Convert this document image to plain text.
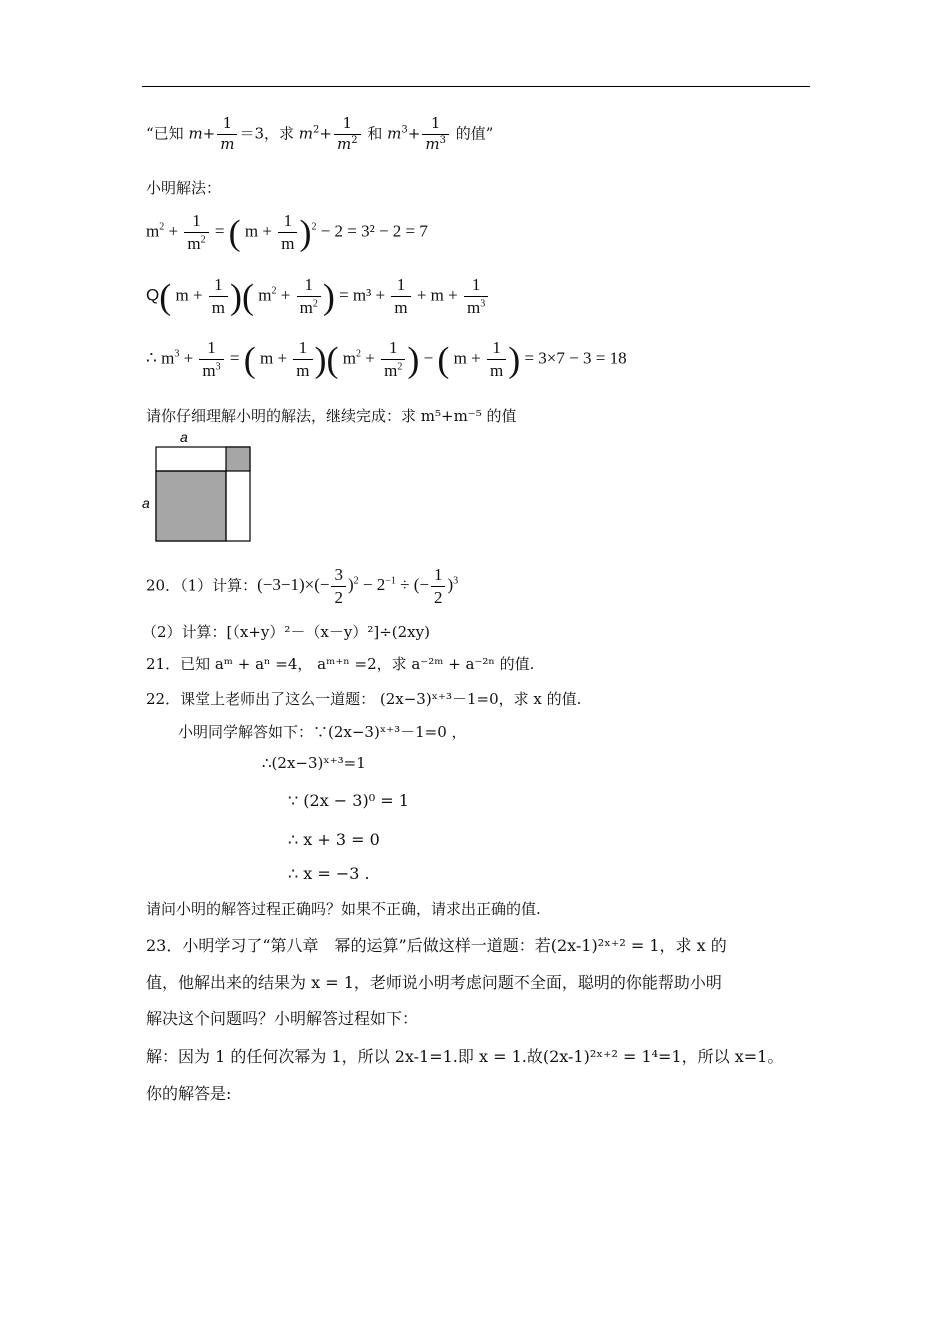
“已知 $m+ \frac{1}{m} =3$，求 $m^2+ \frac{1}{m^2}$ 和 $m^3+ \frac{1}{m^3}$ 的值”
小明解法：
$m^2 + \frac{1}{m^2}$ = ( $m + \frac{1}{m} )^2 - 2 = 3^2 - 2 = 7$
Q( $m + \frac{1}{m}$ )( $m^2 + \frac{1}{m^2}$ ) = $m^3 + \frac{1}{m} + m + \frac{1}{m^3}$
∴ $m^3 + \frac{1}{m^3}$ = ( $m + \frac{1}{m}$ )( $m^2 + \frac{1}{m^2}$ ) − ( $m + \frac{1}{m}$ ) = 3×7 − 3 = 18
请你仔细理解小明的解法，继续完成：求 m⁵+m⁻⁵ 的值
a
a
20．（1）计算：$(-3-1)\times(- \frac{3}{2} )^2 - 2^{-1}$ ÷ (− $\frac{1}{2} )^3$
（2）计算：[（x+y）²－（x－y）²]÷(2xy)
21．已知 aᵐ + aⁿ =4， aᵐ⁺ⁿ =2，求 a⁻²ᵐ + a⁻²ⁿ 的值.
22．课堂上老师出了这么一道题： (2x−3)ˣ⁺³－1=0，求 x 的值.
小明同学解答如下：∵(2x−3)ˣ⁺³－1=0 ，
∴(2x−3)ˣ⁺³=1
∵ (2x − 3)⁰ = 1
∴ x + 3 = 0
∴ x = −3 .
请问小明的解答过程正确吗？如果不正确，请求出正确的值.
23．小明学习了“第八章　幂的运算”后做这样一道题：若(2x-1)²ˣ⁺² = 1，求 x 的
值，他解出来的结果为 x = 1，老师说小明考虑问题不全面，聪明的你能帮助小明
解决这个问题吗？小明解答过程如下：
解：因为 1 的任何次幂为 1，所以 2x-1=1.即 x = 1.故(2x-1)²ˣ⁺² = 1⁴=1，所以 x=1。
你的解答是:
